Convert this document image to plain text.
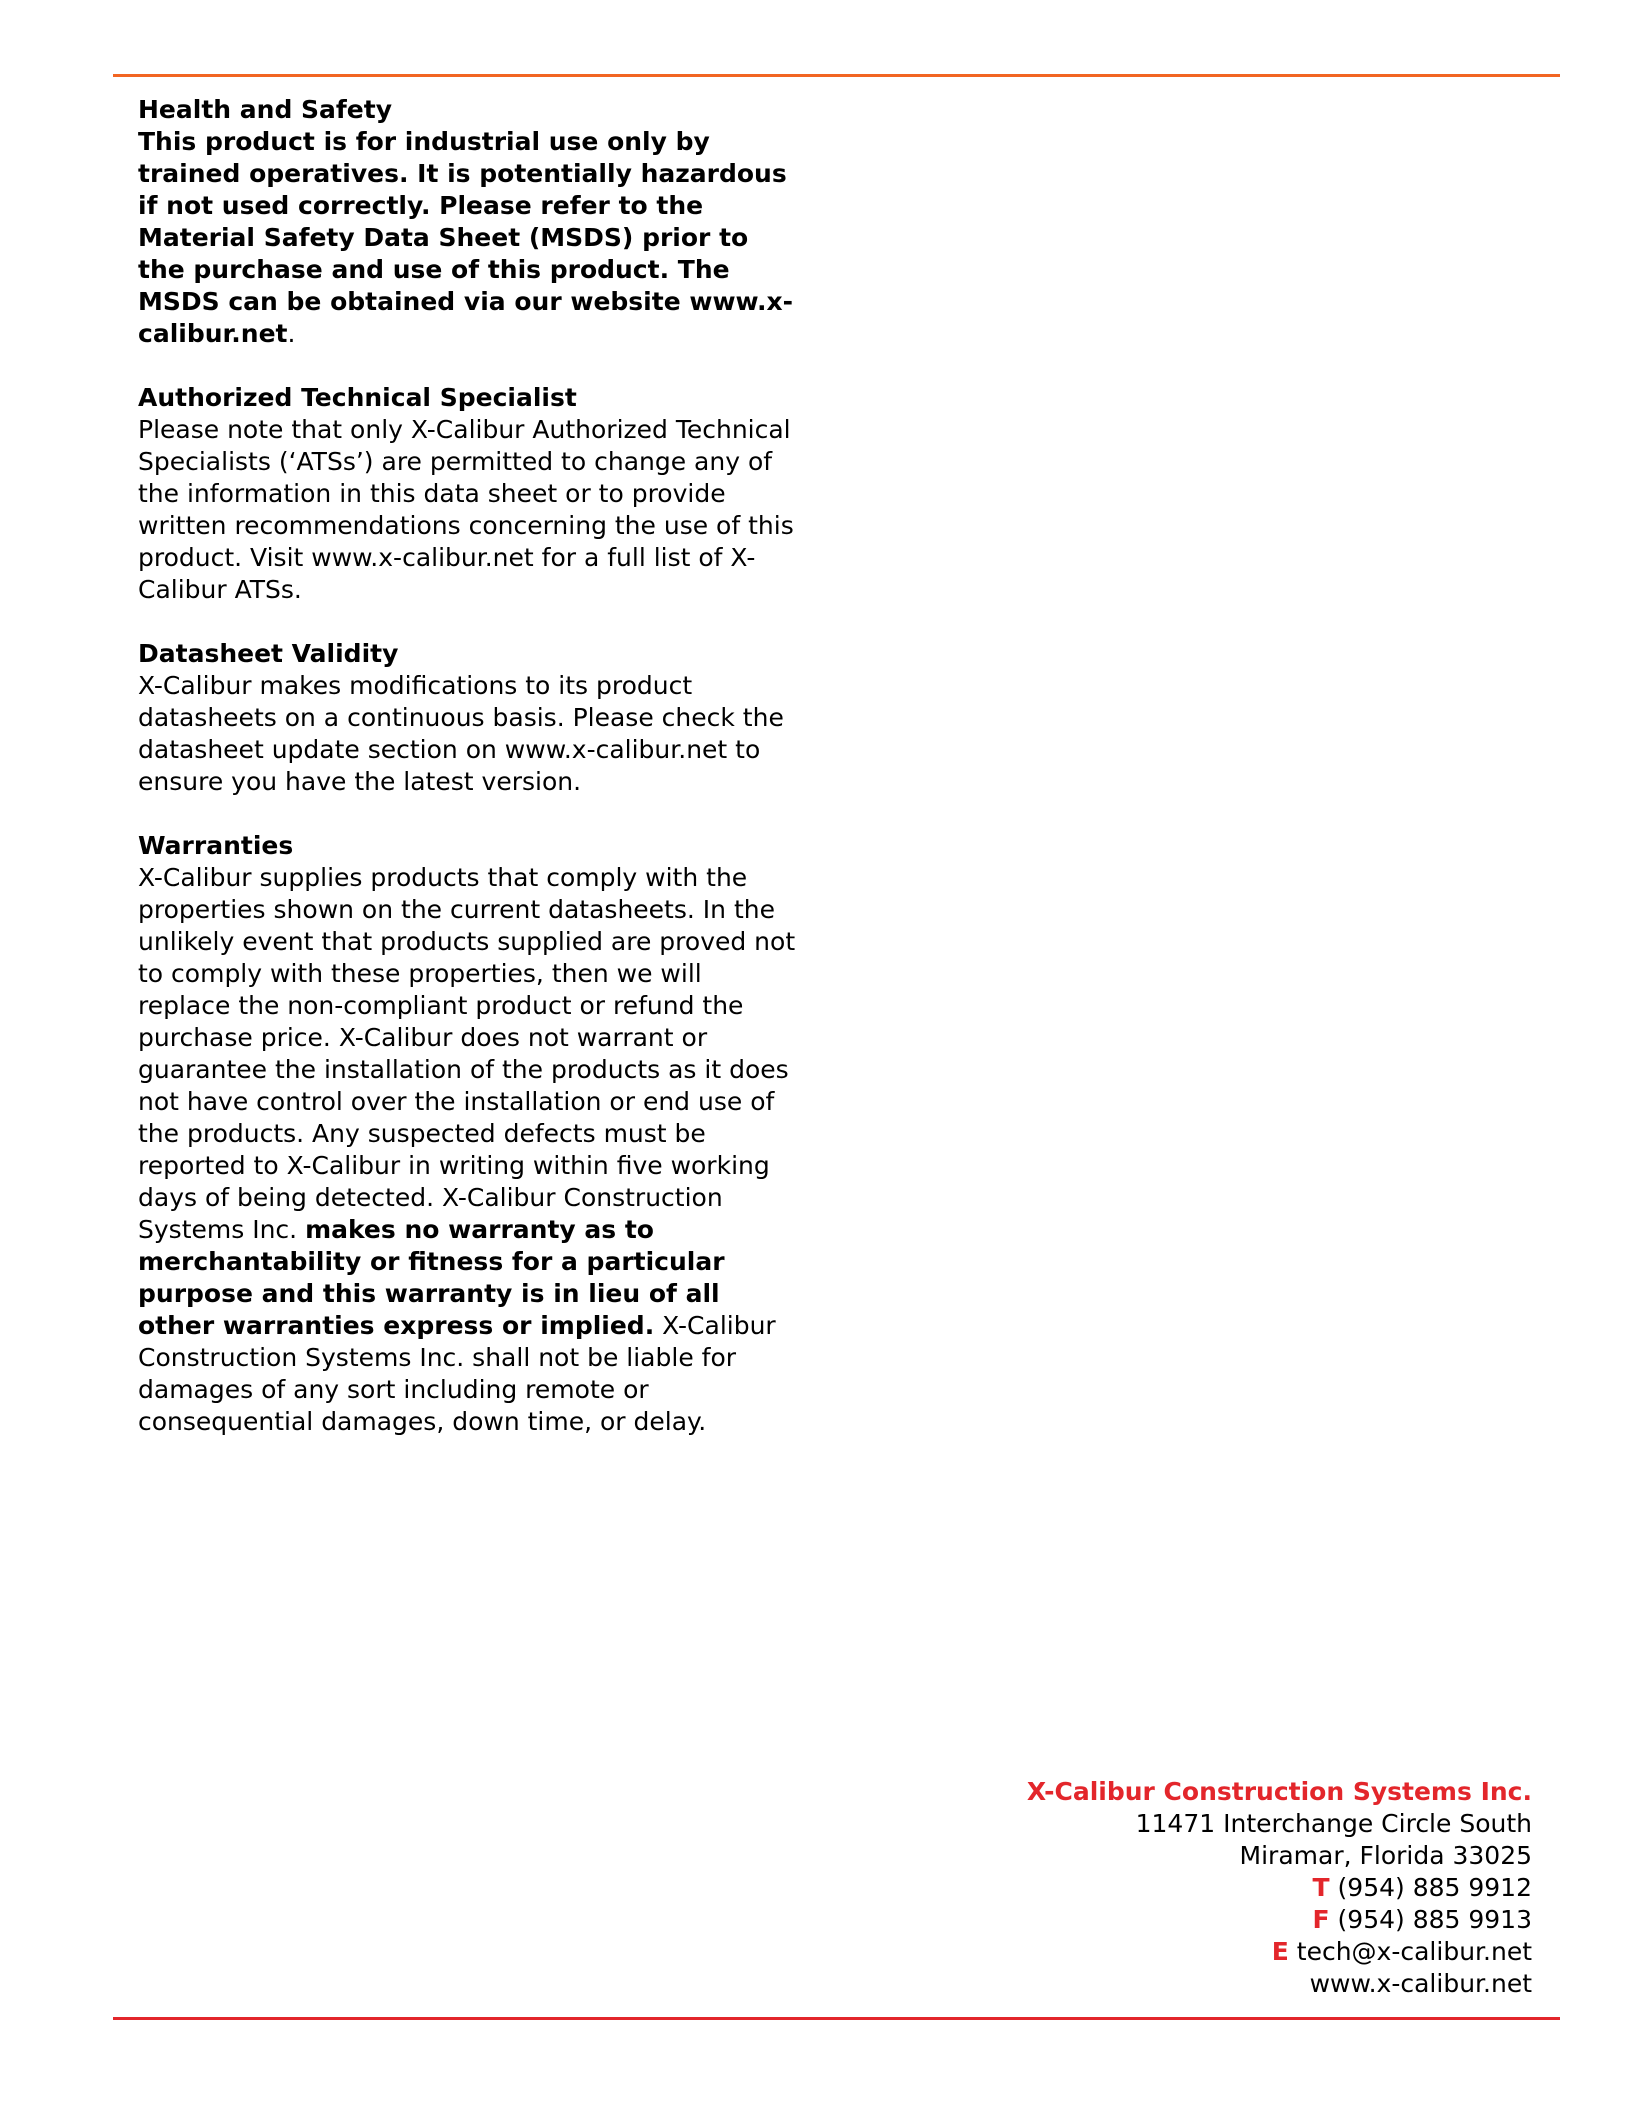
Health and Safety

This product is for industrial use only by trained operatives. It is potentially hazardous if not used correctly. Please refer to the Material Safety Data Sheet (MSDS) prior to the purchase and use of this product. The MSDS can be obtained via our website www.x-calibur.net.

Authorized Technical Specialist

Please note that only X-Calibur Authorized Technical Specialists (‘ATSs’) are permitted to change any of the information in this data sheet or to provide written recommendations concerning the use of this product. Visit www.x-calibur.net for a full list of X-Calibur ATSs.

Datasheet Validity

X-Calibur makes modifications to its product datasheets on a continuous basis. Please check the datasheet update section on www.x-calibur.net to ensure you have the latest version.

Warranties

X-Calibur supplies products that comply with the properties shown on the current datasheets. In the unlikely event that products supplied are proved not to comply with these properties, then we will replace the non-compliant product or refund the purchase price. X-Calibur does not warrant or guarantee the installation of the products as it does not have control over the installation or end use of the products. Any suspected defects must be reported to X-Calibur in writing within five working days of being detected. X-Calibur Construction Systems Inc. makes no warranty as to merchantability or fitness for a particular purpose and this warranty is in lieu of all other warranties express or implied. X-Calibur Construction Systems Inc. shall not be liable for damages of any sort including remote or consequential damages, down time, or delay.

X-Calibur Construction Systems Inc.
11471 Interchange Circle South
Miramar, Florida 33025
T (954) 885 9912
F (954) 885 9913
E tech@x-calibur.net
www.x-calibur.net
